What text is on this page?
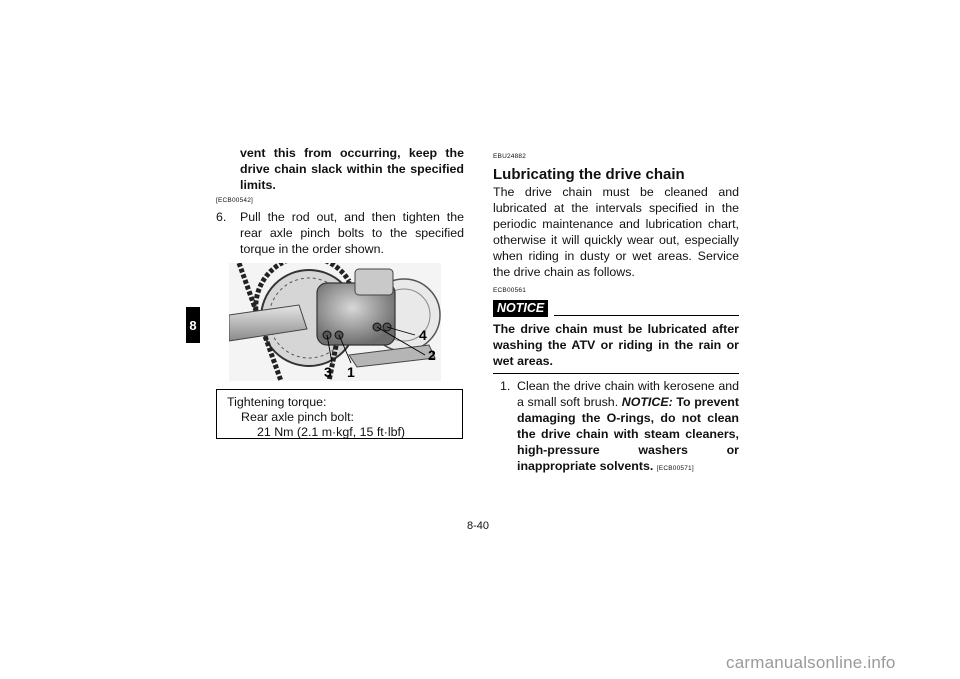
8
vent this from occurring, keep the drive chain slack within the specified limits.
[ECB00542]
6.	Pull the rod out, and then tighten the rear axle pinch bolts to the specified torque in the order shown.
4
2
3 1
Tightening torque:
Rear axle pinch bolt:
21 Nm (2.1 m·kgf, 15 ft·lbf)
EBU24882
Lubricating the drive chain
The drive chain must be cleaned and lubricated at the intervals specified in the periodic maintenance and lubrication chart, otherwise it will quickly wear out, especially when riding in dusty or wet areas. Service the drive chain as follows.
ECB00561
NOTICE
The drive chain must be lubricated after washing the ATV or riding in the rain or wet areas.
1. Clean the drive chain with kerosene and a small soft brush. NOTICE: To prevent damaging the O-rings, do not clean the drive chain with steam cleaners, high-pressure washers or inappropriate solvents. [ECB00571]
8-40
carmanualsonline.info
